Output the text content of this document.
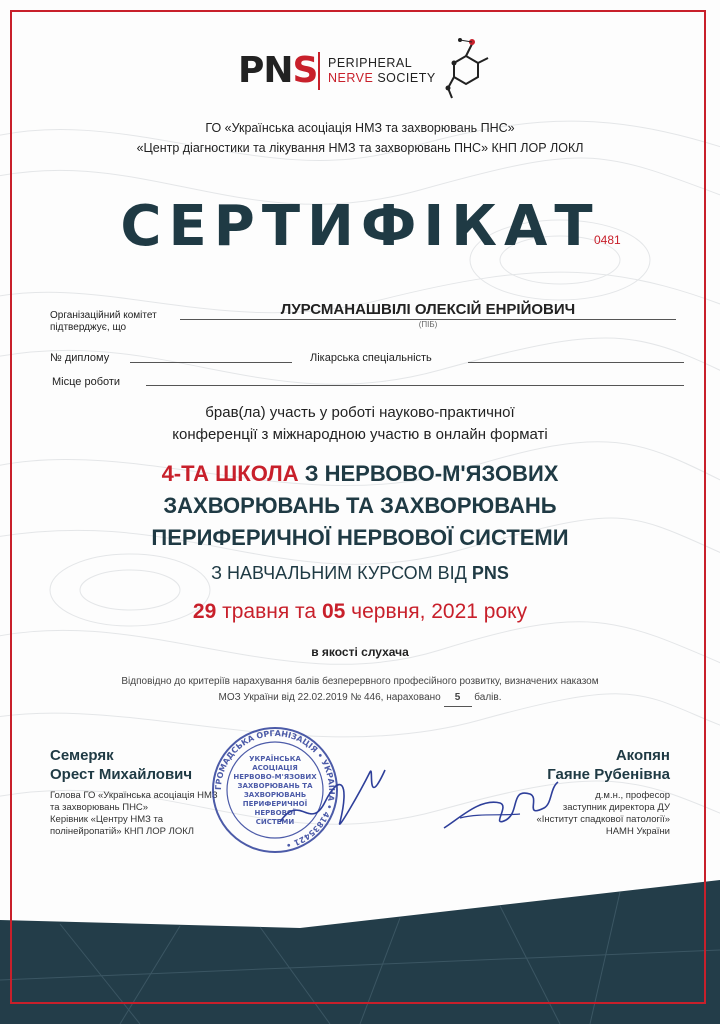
PNS PERIPHERAL
NERVE SOCIETY
ГО «Українська асоціація НМЗ та захворювань ПНС»
«Центр діагностики та лікування НМЗ та захворювань ПНС» КНП ЛОР ЛОКЛ
СЕРТИФІКАТ
0481
Організаційний комітет
підтверджує, що
ЛУРСМАНАШВІЛІ ОЛЕКСІЙ ЕНРІЙОВИЧ
(ПІБ)
№ диплому	Лікарська спеціальність
Місце роботи
брав(ла) участь у роботі науково-практичної
конференції з міжнародною участю в онлайн форматі
4-ТА ШКОЛА З НЕРВОВО-М'ЯЗОВИХ
ЗАХВОРЮВАНЬ ТА ЗАХВОРЮВАНЬ
ПЕРИФЕРИЧНОЇ НЕРВОВОЇ СИСТЕМИ
З НАВЧАЛЬНИМ КУРСОМ ВІД PNS
29 травня та 05 червня, 2021 року
в якості слухача
Відповідно до критеріїв нарахування балів безперервного професійного розвитку, визначених наказом
МОЗ України від 22.02.2019 № 446, нараховано 5 балів.
Семеряк
Орест Михайлович
Голова ГО «Українська асоціація НМЗ
та захворювань ПНС»
Керівник «Центру НМЗ та
полінейропатій» КНП ЛОР ЛОКЛ
Акопян
Гаяне Рубенівна
д.м.н., професор
заступник директора ДУ
«Інститут спадкової патології»
НАМН України
ГРОМАДСЬКА ОРГАНІЗАЦІЯ • УКРАЇНА • 41835421 •
УКРАЇНСЬКА
АСОЦІАЦІЯ
НЕРВОВО-М'ЯЗОВИХ
ЗАХВОРЮВАНЬ ТА
ЗАХВОРЮВАНЬ
ПЕРИФЕРИЧНОЇ
НЕРВОВОЇ
СИСТЕМИ
